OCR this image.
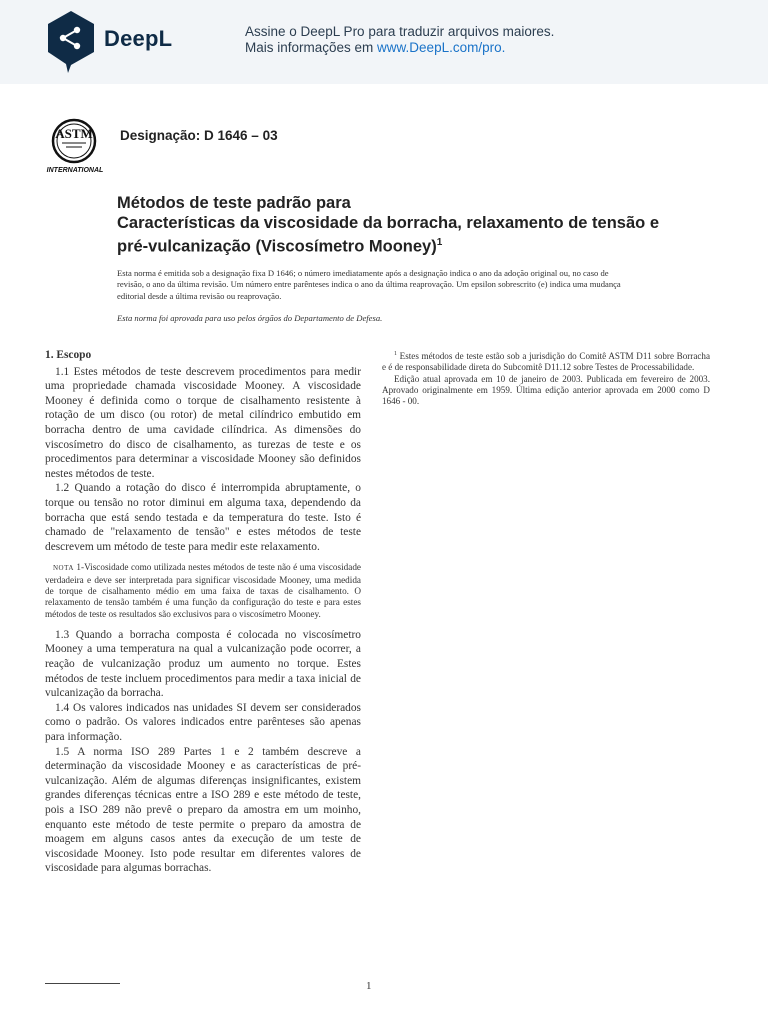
DeepL	Assine o DeepL Pro para traduzir arquivos maiores.
Mais informações em www.DeepL.com/pro.
ASTM
INTERNATIONAL
Designação: D 1646 – 03
Métodos de teste padrão para
Características da viscosidade da borracha, relaxamento de tensão e
pré-vulcanização (Viscosímetro Mooney)$^1$
Esta norma é emitida sob a designação fixa D 1646; o número imediatamente após a designação indica o ano da adoção original ou, no caso de revisão, o ano da última revisão. Um número entre parênteses indica o ano da última reaprovação. Um epsilon sobrescrito (e) indica uma mudança editorial desde a última revisão ou reaprovação.
Esta norma foi aprovada para uso pelos órgãos do Departamento de Defesa.
1. Escopo

1.1 Estes métodos de teste descrevem procedimentos para medir uma propriedade chamada viscosidade Mooney. A viscosidade Mooney é definida como o torque de cisalhamento resistente à rotação de um disco (ou rotor) de metal cilíndrico embutido em borracha dentro de uma cavidade cilíndrica. As dimensões do viscosímetro do disco de cisalhamento, as turezas de teste e os procedimentos para determinar a viscosidade Mooney são definidos nestes métodos de teste.

1.2 Quando a rotação do disco é interrompida abruptamente, o torque ou tensão no rotor diminui em alguma taxa, dependendo da borracha que está sendo testada e da temperatura do teste. Isto é chamado de "relaxamento de tensão" e estes métodos de teste descrevem um método de teste para medir este relaxamento.

NOTA 1-Viscosidade como utilizada nestes métodos de teste não é uma viscosidade verdadeira e deve ser interpretada para significar viscosidade Mooney, uma medida de torque de cisalhamento médio em uma faixa de taxas de cisalhamento. O relaxamento de tensão também é uma função da configuração do teste e para estes métodos de teste os resultados são exclusivos para o viscosímetro Mooney.

1.3 Quando a borracha composta é colocada no viscosímetro Mooney a uma temperatura na qual a vulcanização pode ocorrer, a reação de vulcanização produz um aumento no torque. Estes métodos de teste incluem procedimentos para medir a taxa inicial de vulcanização da borracha.

1.4 Os valores indicados nas unidades SI devem ser considerados como o padrão. Os valores indicados entre parênteses são apenas para informação.

1.5 A norma ISO 289 Partes 1 e 2 também descreve a determinação da viscosidade Mooney e as características de pré-vulcanização. Além de algumas diferenças insignificantes, existem grandes diferenças técnicas entre a ISO 289 e este método de teste, pois a ISO 289 não prevê o preparo da amostra em um moinho, enquanto este método de teste permite o preparo da amostra de moagem em alguns casos antes da execução de um teste de viscosidade Mooney. Isto pode resultar em diferentes valores de viscosidade para algumas borrachas.

$^1$ Estes métodos de teste estão sob a jurisdição do Comitê ASTM D11 sobre Borracha e é de responsabilidade direta do Subcomitê D11.12 sobre Testes de Processabilidade.

Edição atual aprovada em 10 de janeiro de 2003. Publicada em fevereiro de 2003. Aprovado originalmente em 1959. Última edição anterior aprovada em 2000 como D 1646 - 00.

1
